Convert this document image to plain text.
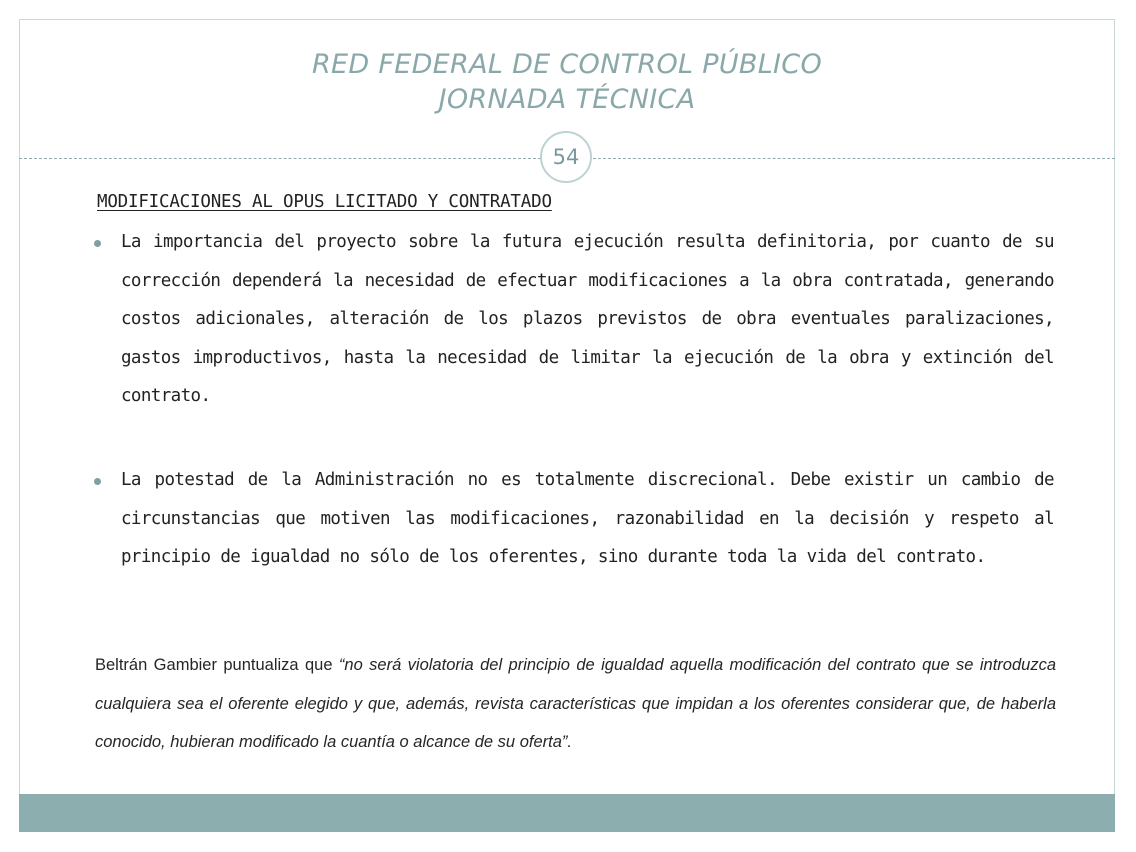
RED FEDERAL DE CONTROL PÚBLICO
JORNADA TÉCNICA
54
MODIFICACIONES AL OPUS LICITADO Y CONTRATADO
La importancia del proyecto sobre la futura ejecución resulta definitoria, por cuanto de su corrección dependerá la necesidad de efectuar modificaciones a la obra contratada, generando costos adicionales, alteración de los plazos previstos de obra eventuales paralizaciones, gastos improductivos, hasta la necesidad de limitar la ejecución de la obra y extinción del contrato.
La potestad de la Administración no es totalmente discrecional. Debe existir un cambio de circunstancias que motiven las modificaciones, razonabilidad en la decisión y respeto al principio de igualdad no sólo de los oferentes, sino durante toda la vida del contrato.
Beltrán Gambier puntualiza que “no será violatoria del principio de igualdad aquella modificación del contrato que se introduzca cualquiera sea el oferente elegido y que, además, revista características que impidan a los oferentes considerar que, de haberla conocido, hubieran modificado la cuantía o alcance de su oferta”.
